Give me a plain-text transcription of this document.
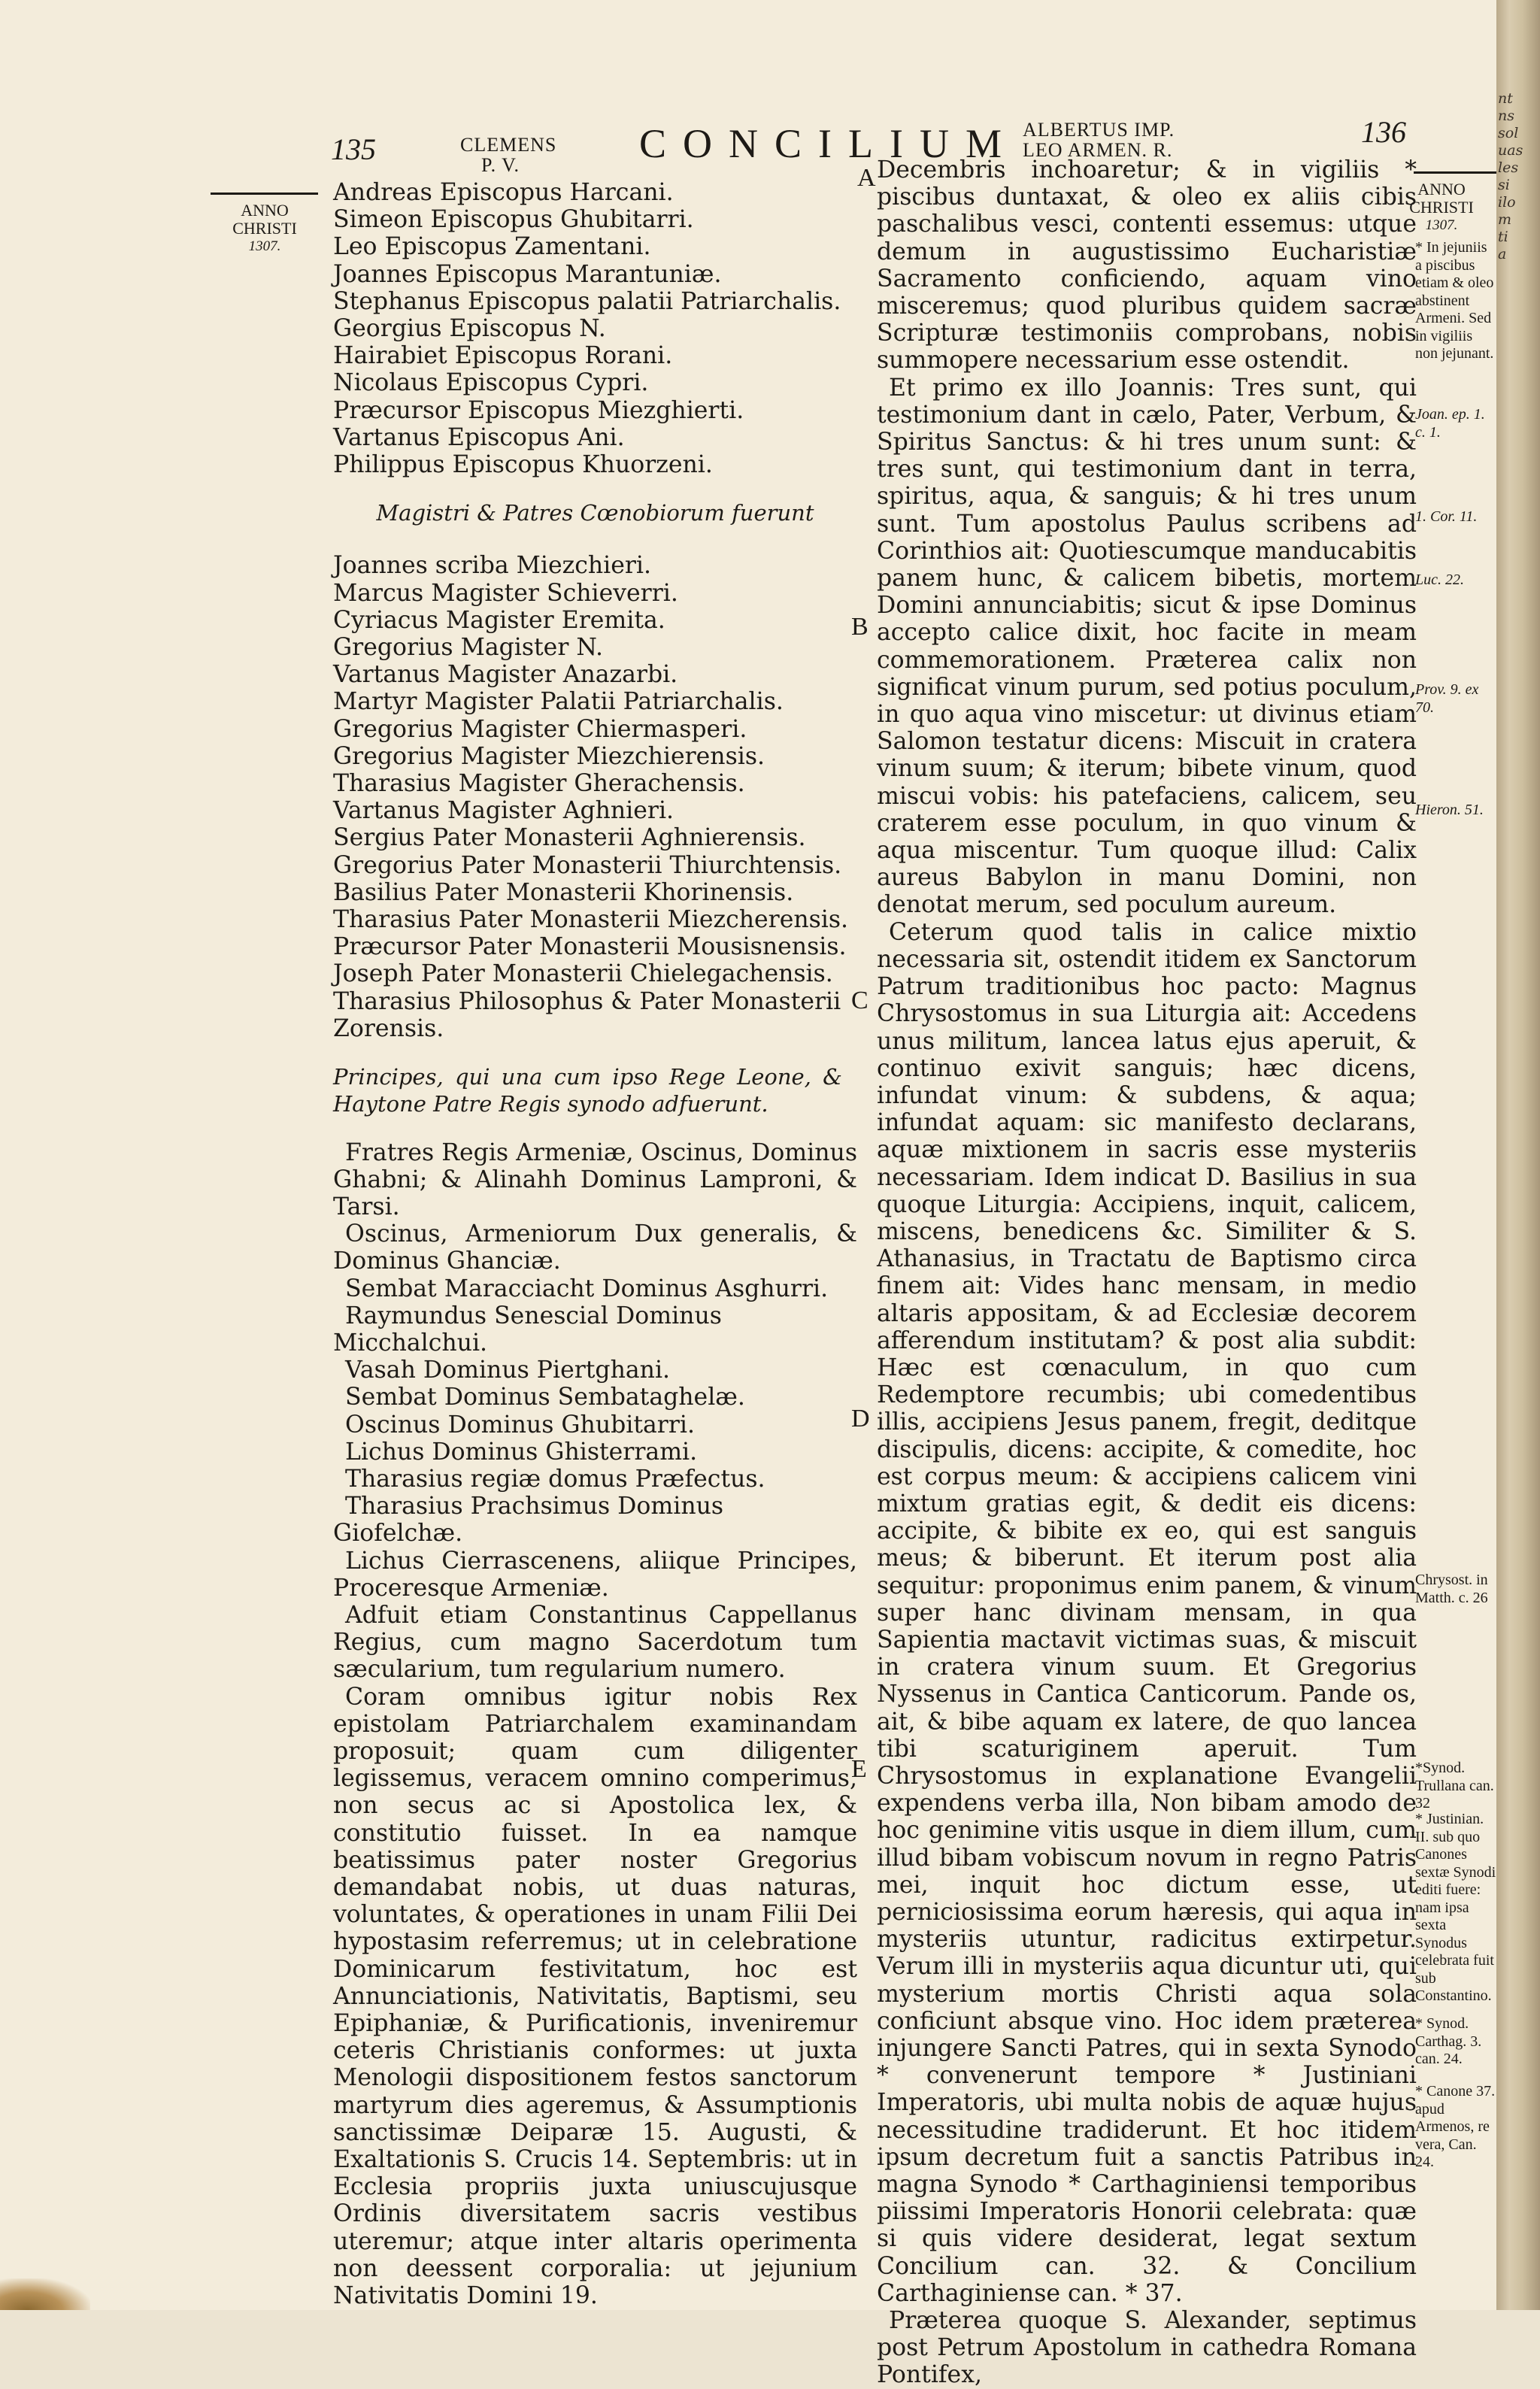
nt
ns
sol
uas
les
si
ilo
m
ti
a
135	CLEMENS
P. V.	CONCILIUM ALBERTUS IMP.
LEO ARMEN. R.
136
ANNO
CHRISTI
1307.
ANNO
CHRISTI
1307.

Andreas Episcopus Harcani.

Simeon Episcopus Ghubitarri.

Leo Episcopus Zamentani.

Joannes Episcopus Marantuniæ.

Stephanus Episcopus palatii Patriarchalis.

Georgius Episcopus N.

Hairabiet Episcopus Rorani.

Nicolaus Episcopus Cypri.

Præcursor Episcopus Miezghierti.

Vartanus Episcopus Ani.

Philippus Episcopus Khuorzeni.

Magistri & Patres Cœnobiorum fuerunt

Joannes scriba Miezchieri.

Marcus Magister Schieverri.

Cyriacus Magister Eremita.

Gregorius Magister N.

Vartanus Magister Anazarbi.

Martyr Magister Palatii Patriarchalis.

Gregorius Magister Chiermasperi.

Gregorius Magister Miezchierensis.

Tharasius Magister Gherachensis.

Vartanus Magister Aghnieri.

Sergius Pater Monasterii Aghnierensis.

Gregorius Pater Monasterii Thiurchtensis.

Basilius Pater Monasterii Khorinensis.

Tharasius Pater Monasterii Miezcherensis.

Præcursor Pater Monasterii Mousisnensis.

Joseph Pater Monasterii Chielegachensis.

Tharasius Philosophus & Pater Monasterii Zorensis.

Principes, qui una cum ipso Rege Leone, & Haytone Patre Regis synodo adfuerunt.

Fratres Regis Armeniæ, Oscinus, Dominus Ghabni; & Alinahh Dominus Lamproni, & Tarsi.

Oscinus, Armeniorum Dux generalis, & Dominus Ghanciæ.

Sembat Maracciacht Dominus Asghurri.

Raymundus Senescial Dominus Micchalchui.

Vasah Dominus Piertghani.

Sembat Dominus Sembataghelæ.

Oscinus Dominus Ghubitarri.

Lichus Dominus Ghisterrami.

Tharasius regiæ domus Præfectus.

Tharasius Prachsimus Dominus Giofelchæ.

Lichus Cierrascenens, aliique Principes, Proceresque Armeniæ.

Adfuit etiam Constantinus Cappellanus Regius, cum magno Sacerdotum tum sæcularium, tum regularium numero.

Coram omnibus igitur nobis Rex epistolam Patriarchalem examinandam proposuit; quam cum diligenter legissemus, veracem omnino comperimus, non secus ac si Apostolica lex, & constitutio fuisset. In ea namque beatissimus pater noster Gregorius demandabat nobis, ut duas naturas, voluntates, & operationes in unam Filii Dei hypostasim referremus; ut in celebratione Dominicarum festivitatum, hoc est Annunciationis, Nativitatis, Baptismi, seu Epiphaniæ, & Purificationis, inveniremur ceteris Christianis conformes: ut juxta Menologii dispositionem festos sanctorum martyrum dies ageremus, & Assumptionis sanctissimæ Deiparæ 15. Augusti, & Exaltationis S. Crucis 14. Septembris: ut in Ecclesia propriis juxta uniuscujusque Ordinis diversitatem sacris vestibus uteremur; atque inter altaris operimenta non deessent corporalia: ut jejunium Nativitatis Domini 19.

A
B
C
D
E

Decembris inchoaretur; & in vigiliis * piscibus duntaxat, & oleo ex aliis cibis paschalibus vesci, contenti essemus: utque demum in augustissimo Eucharistiæ Sacramento conficiendo, aquam vino misceremus; quod pluribus quidem sacræ Scripturæ testimoniis comprobans, nobis summopere necessarium esse ostendit.

Et primo ex illo Joannis: Tres sunt, qui testimonium dant in cælo, Pater, Verbum, & Spiritus Sanctus: & hi tres unum sunt: & tres sunt, qui testimonium dant in terra, spiritus, aqua, & sanguis; & hi tres unum sunt. Tum apostolus Paulus scribens ad Corinthios ait: Quotiescumque manducabitis panem hunc, & calicem bibetis, mortem Domini annunciabitis; sicut & ipse Dominus accepto calice dixit, hoc facite in meam commemorationem. Præterea calix non significat vinum purum, sed potius poculum, in quo aqua vino miscetur: ut divinus etiam Salomon testatur dicens: Miscuit in cratera vinum suum; & iterum; bibete vinum, quod miscui vobis: his patefaciens, calicem, seu craterem esse poculum, in quo vinum & aqua miscentur. Tum quoque illud: Calix aureus Babylon in manu Domini, non denotat merum, sed poculum aureum.

Ceterum quod talis in calice mixtio necessaria sit, ostendit itidem ex Sanctorum Patrum traditionibus hoc pacto: Magnus Chrysostomus in sua Liturgia ait: Accedens unus militum, lancea latus ejus aperuit, & continuo exivit sanguis; hæc dicens, infundat vinum: & subdens, & aqua; infundat aquam: sic manifesto declarans, aquæ mixtionem in sacris esse mysteriis necessariam. Idem indicat D. Basilius in sua quoque Liturgia: Accipiens, inquit, calicem, miscens, benedicens &c. Similiter & S. Athanasius, in Tractatu de Baptismo circa finem ait: Vides hanc mensam, in medio altaris appositam, & ad Ecclesiæ decorem afferendum institutam? & post alia subdit: Hæc est cœnaculum, in quo cum Redemptore recumbis; ubi comedentibus illis, accipiens Jesus panem, fregit, deditque discipulis, dicens: accipite, & comedite, hoc est corpus meum: & accipiens calicem vini mixtum gratias egit, & dedit eis dicens: accipite, & bibite ex eo, qui est sanguis meus; & biberunt. Et iterum post alia sequitur: proponimus enim panem, & vinum super hanc divinam mensam, in qua Sapientia mactavit victimas suas, & miscuit in cratera vinum suum. Et Gregorius Nyssenus in Cantica Canticorum. Pande os, ait, & bibe aquam ex latere, de quo lancea tibi scaturiginem aperuit. Tum Chrysostomus in explanatione Evangelii expendens verba illa, Non bibam amodo de hoc genimine vitis usque in diem illum, cum illud bibam vobiscum novum in regno Patris mei, inquit hoc dictum esse, ut perniciosissima eorum hæresis, qui aqua in mysteriis utuntur, radicitus extirpetur. Verum illi in mysteriis aqua dicuntur uti, qui mysterium mortis Christi aqua sola conficiunt absque vino. Hoc idem præterea injungere Sancti Patres, qui in sexta Synodo * convenerunt tempore * Justiniani Imperatoris, ubi multa nobis de aquæ hujus necessitudine tradiderunt. Et hoc itidem ipsum decretum fuit a sanctis Patribus in magna Synodo * Carthaginiensi temporibus piissimi Imperatoris Honorii celebrata: quæ si quis videre desiderat, legat sextum Concilium can. 32. & Concilium Carthaginiense can. * 37.

Præterea quoque S. Alexander, septimus post Petrum Apostolum in cathedra Romana Pontifex,

* In jejuniis a piscibus etiam & oleo abstinent Armeni. Sed in vigiliis non jejunant.
Joan. ep. 1. c. 1.
1. Cor. 11.
Luc. 22.
Prov. 9. ex 70.
Hieron. 51.
Chrysost. in Matth. c. 26
*Synod. Trullana can. 32
* Justinian. II. sub quo Canones sextæ Synodi editi fuere: nam ipsa sexta Synodus celebrata fuit sub Constantino.
* Synod. Carthag. 3. can. 24.
* Canone 37. apud Armenos, re vera, Can. 24.
